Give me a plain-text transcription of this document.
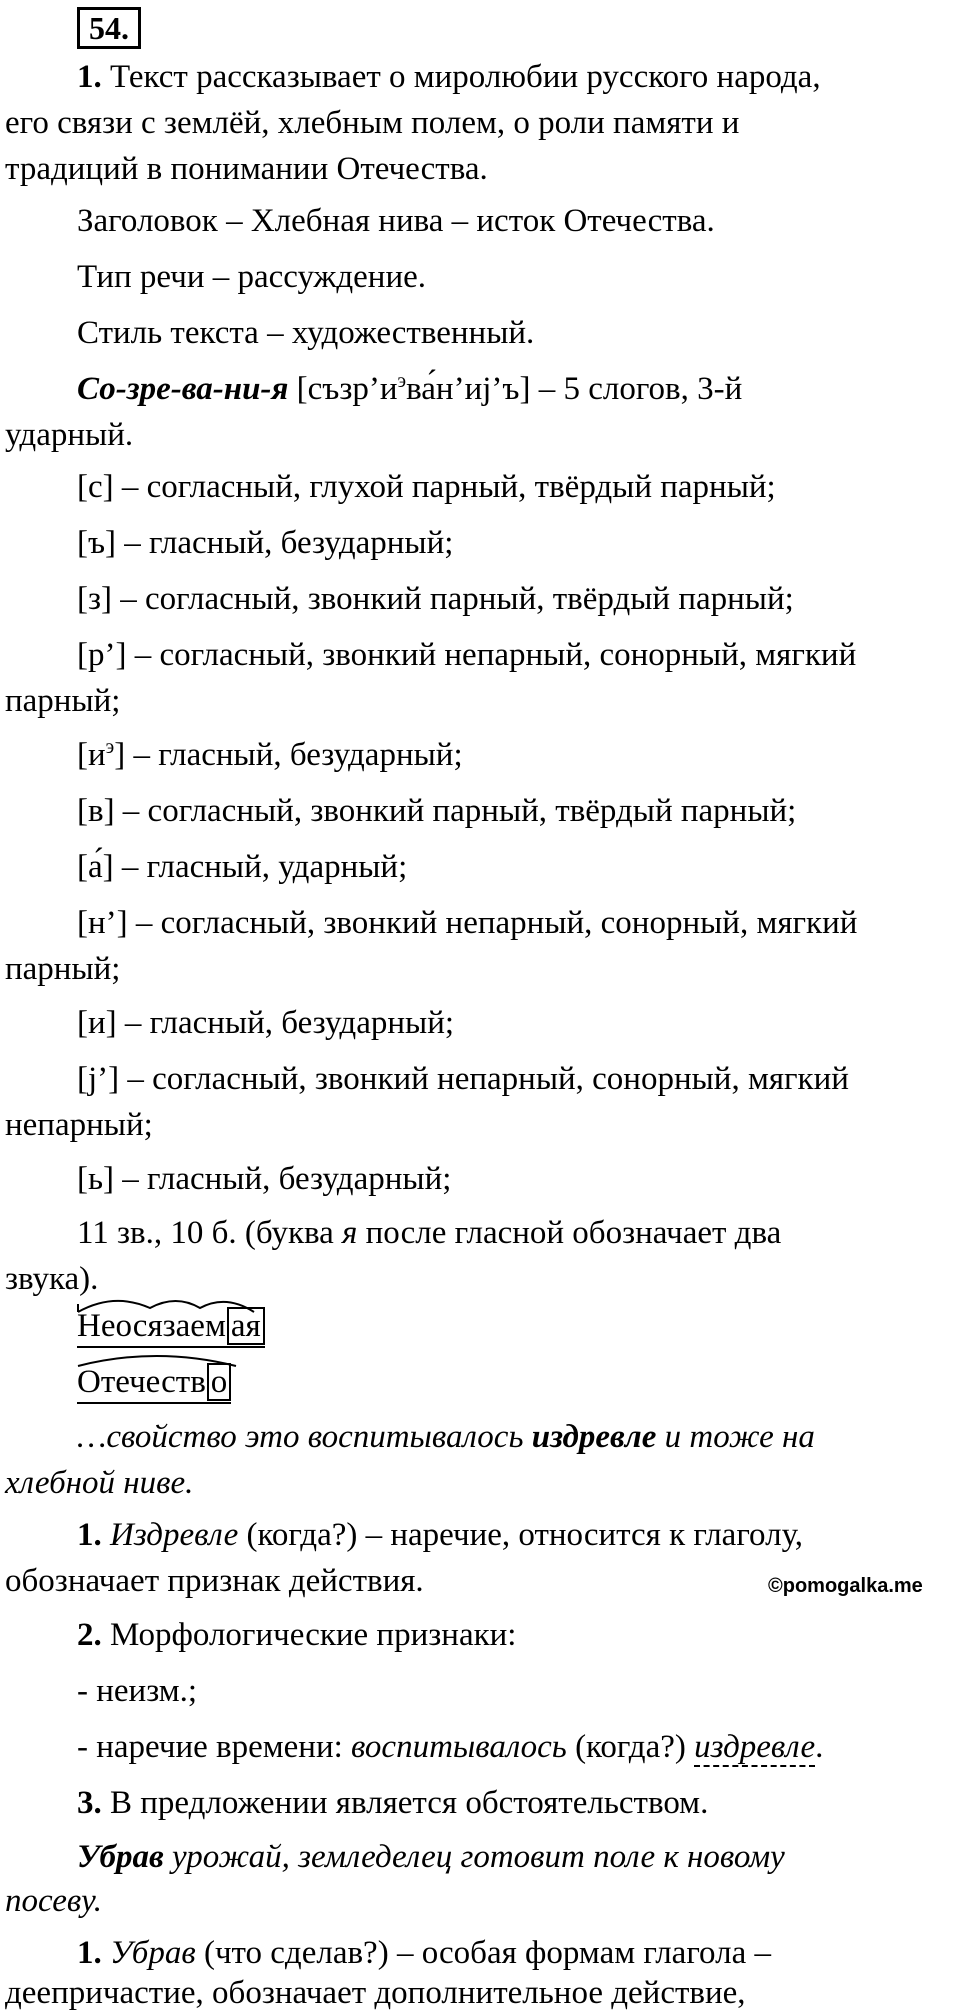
54.
1. Текст рассказывает о миролюбии русского народа,
его связи с землёй, хлебным полем, о роли памяти и
традиций в понимании Отечества.
Заголовок – Хлебная нива – исток Отечества.
Тип речи – рассуждение.
Стиль текста – художественный.
Со-зре-ва-ни-я $[съзр’и^эва́н’иj’ъ] - 5$ слогов, 3-й
ударный.
[с] – согласный, глухой парный, твёрдый парный;
[ъ] – гласный, безударный;
[з] – согласный, звонкий парный, твёрдый парный;
[р’] – согласный, звонкий непарный, сонорный, мягкий
парный;
$[и^э]$ – гласный, безударный;
[в] – согласный, звонкий парный, твёрдый парный;
[а́] – гласный, ударный;
[н’] – согласный, звонкий непарный, сонорный, мягкий
парный;
[и] – гласный, безударный;
[j’] – согласный, звонкий непарный, сонорный, мягкий
непарный;
[ь] – гласный, безударный;
11 зв., 10 б. (буква я после гласной обозначает два
звука).
Неосязаем ая
Отечеств о
…свойство это воспитывалось издревле и тоже на
хлебной ниве.
1. Издревле (когда?) – наречие, относится к глаголу,
обозначает признак действия.	©pomogalka.me
2. Морфологические признаки:
- неизм.;
- наречие времени: воспитывалось (когда?) издревле.
3. В предложении является обстоятельством.
Убрав урожай, земледелец готовит поле к новому
посеву.
1. Убрав (что сделав?) – особая формам глагола –
деепричастие, обозначает дополнительное действие,
